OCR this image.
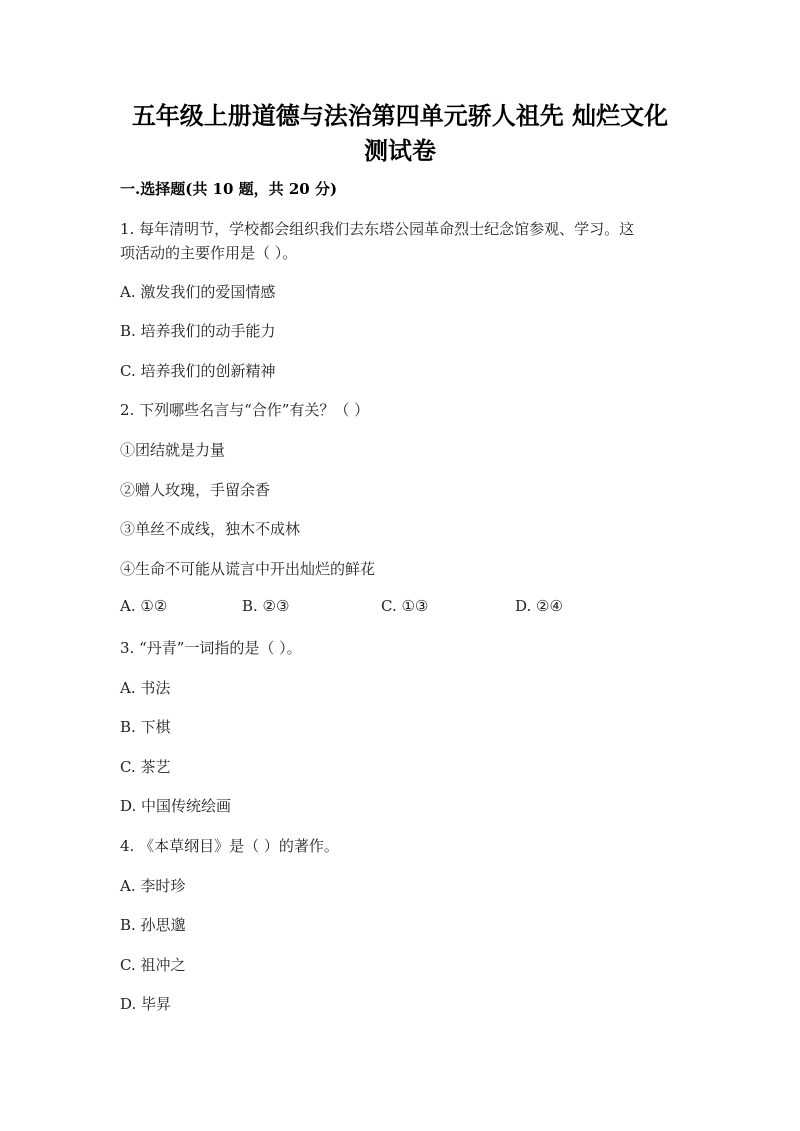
五年级上册道德与法治第四单元骄人祖先 灿烂文化
测试卷
一.选择题(共 10 题，共 20 分)
1. 每年清明节，学校都会组织我们去东塔公园革命烈士纪念馆参观、学习。这
项活动的主要作用是（ ）。
A. 激发我们的爱国情感
B. 培养我们的动手能力
C. 培养我们的创新精神
2. 下列哪些名言与“合作”有关？（ ）
①团结就是力量
②赠人玫瑰，手留余香
③单丝不成线，独木不成林
④生命不可能从谎言中开出灿烂的鲜花
A. ①②	B. ②③	C. ①③	D. ②④
3. “丹青”一词指的是（ ）。
A. 书法
B. 下棋
C. 茶艺
D. 中国传统绘画
4. 《本草纲目》是（ ）的著作。
A. 李时珍
B. 孙思邈
C. 祖冲之
D. 毕昇
